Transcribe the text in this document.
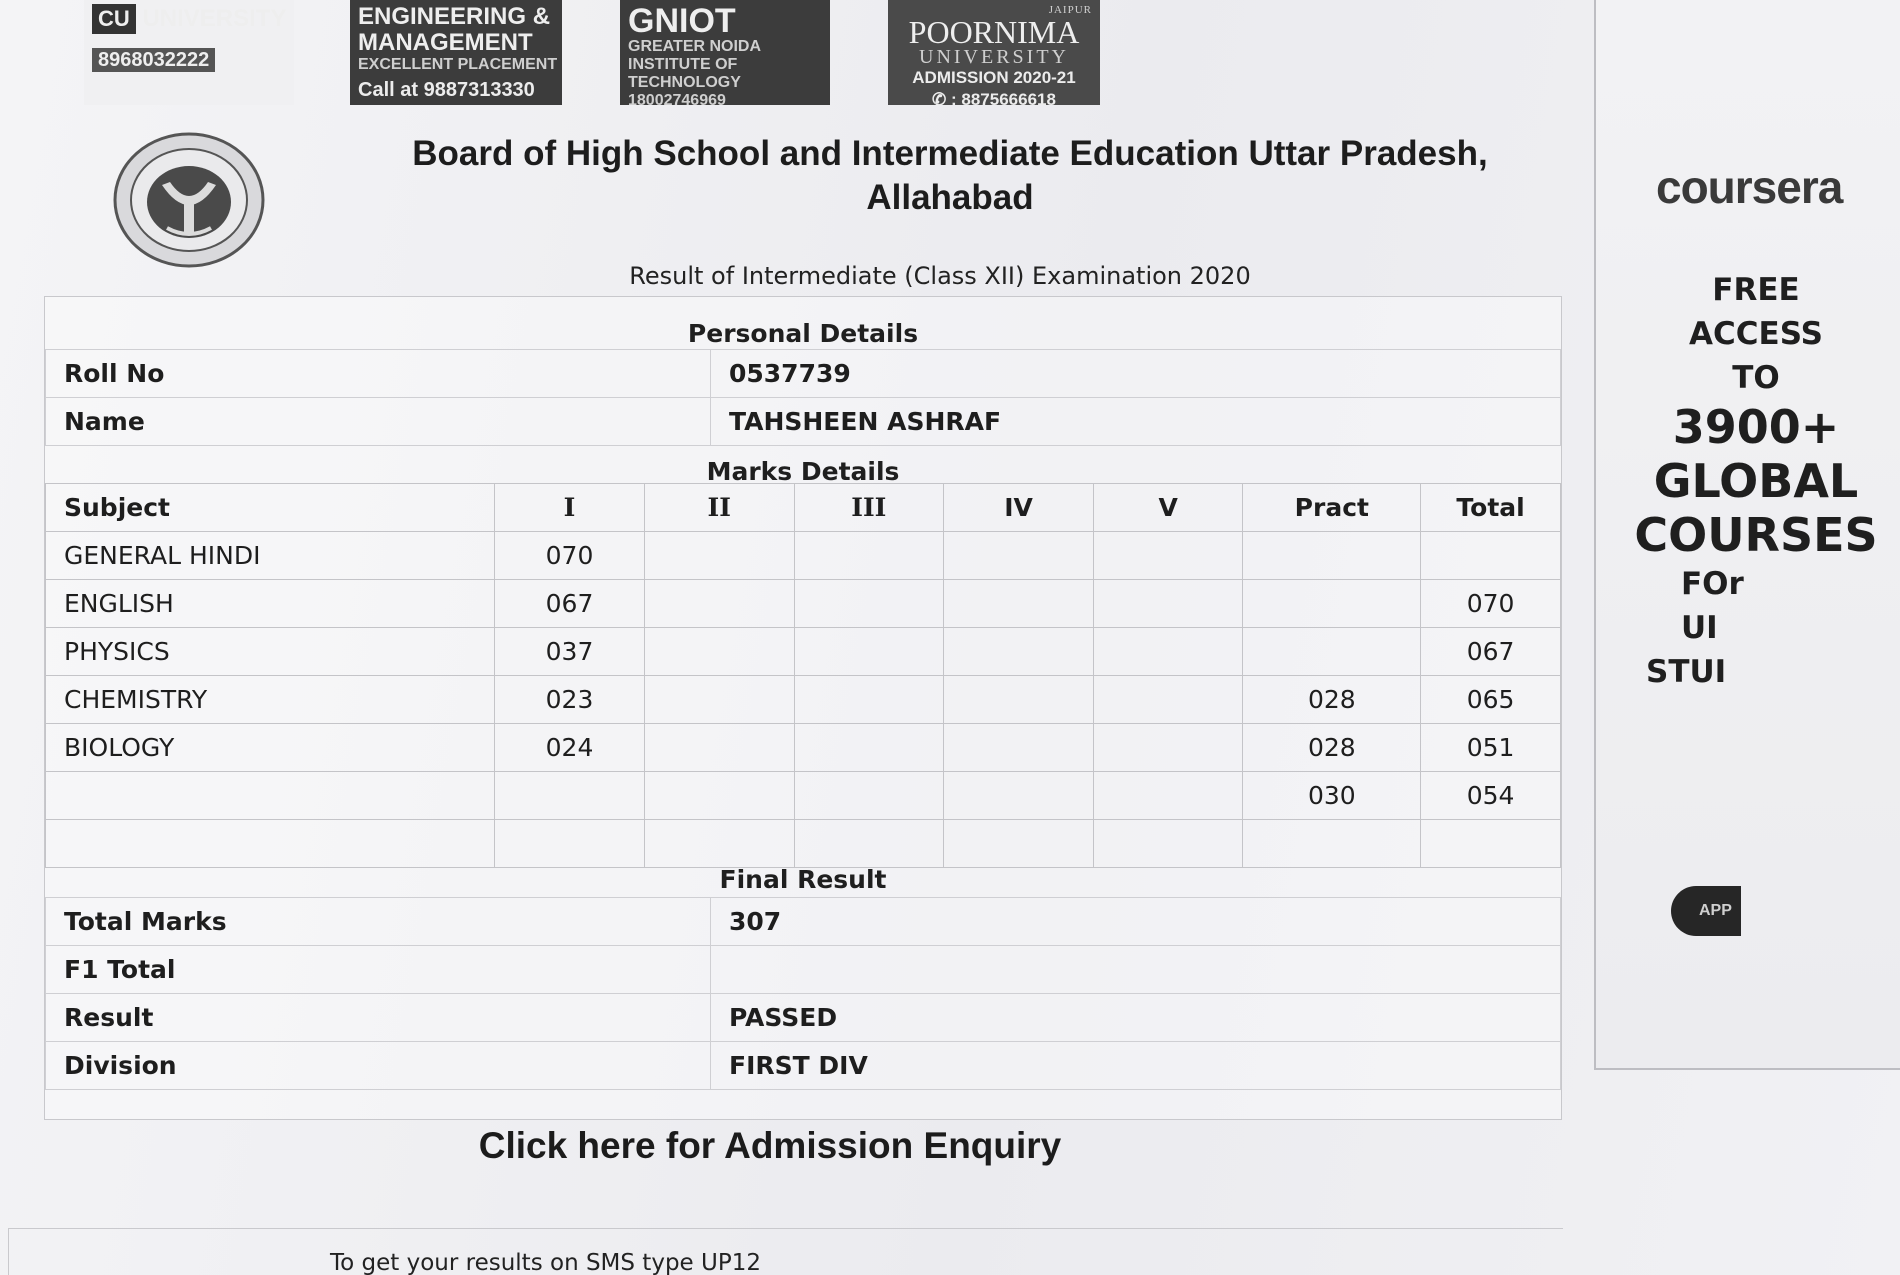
CU UNIVERSITY
8968032222
ENGINEERING &
MANAGEMENT
EXCELLENT PLACEMENT
Call at 9887313330
GNIOT
GREATER NOIDA
INSTITUTE OF
TECHNOLOGY
18002746969
JAIPUR
POORNIMA
UNIVERSITY
ADMISSION 2020-21
✆ : 8875666618
Board of High School and Intermediate Education Uttar Pradesh,
Allahabad
Result of Intermediate (Class XII) Examination 2020
Personal Details
Roll No	0537739
Name	TAHSHEEN ASHRAF
Marks Details
Subject	I	II	III	IV	V	Pract	Total
GENERAL HINDI	070						
ENGLISH	067						070
PHYSICS	037						067
CHEMISTRY	023					028	065
BIOLOGY	024					028	051
						030	054

Final Result
Total Marks	307
F1 Total	
Result	PASSED
Division	FIRST DIV
Click here for Admission Enquiry
To get your results on SMS type UP12
coursera
FREE
ACCESS
TO
3900+
GLOBAL
COURSES
FOr
UI
STUI
APP
